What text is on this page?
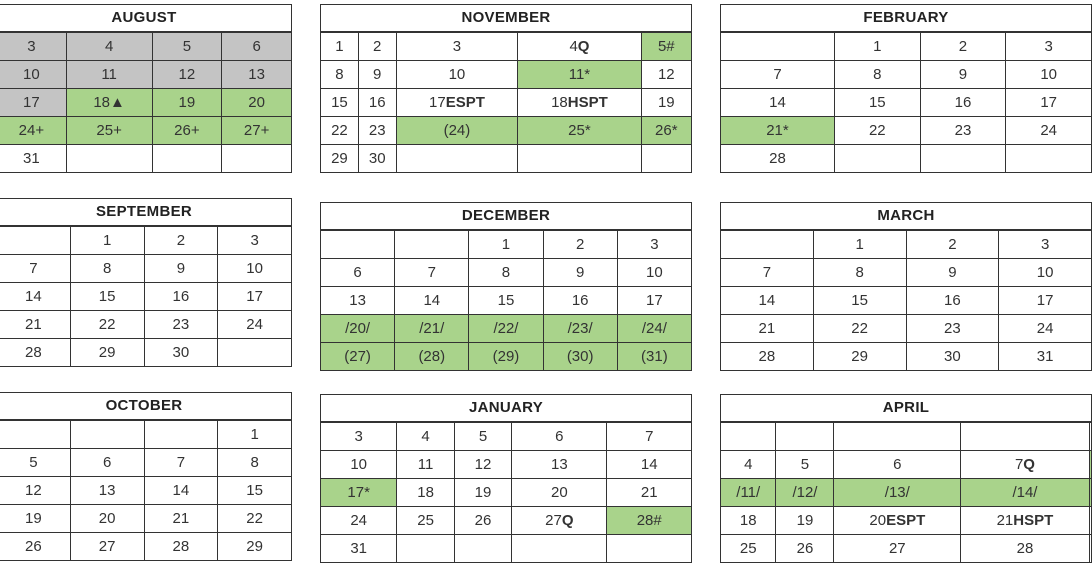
AUGUST
3	4	5	6
10	11	12	13
17	18▲	19	20
24+	25+	26+	27+
31			
SEPTEMBER
	1	2	3
7	8	9	10
14	15	16	17
21	22	23	24
28	29	30	
OCTOBER
			1
5	6	7	8
12	13	14	15
19	20	21	22
26	27	28	29
NOVEMBER
1	2	3	4Q	5#
8	9	10	11*	12
15	16	17ESPT	18HSPT	19
22	23	(24)	25*	26*
29	30			
DECEMBER
		1	2	3
6	7	8	9	10
13	14	15	16	17
/20/	/21/	/22/	/23/	/24/
(27)	(28)	(29)	(30)	(31)
JANUARY
3	4	5	6	7
10	11	12	13	14
17*	18	19	20	21
24	25	26	27Q	28#
31				
FEBRUARY
	1	2	3
7	8	9	10
14	15	16	17
21*	22	23	24
28			
MARCH
	1	2	3
7	8	9	10
14	15	16	17
21	22	23	24
28	29	30	31
APRIL

4	5	6	7Q	
/11/	/12/	/13/	/14/	
18	19	20ESPT	21HSPT	
25	26	27	28	
